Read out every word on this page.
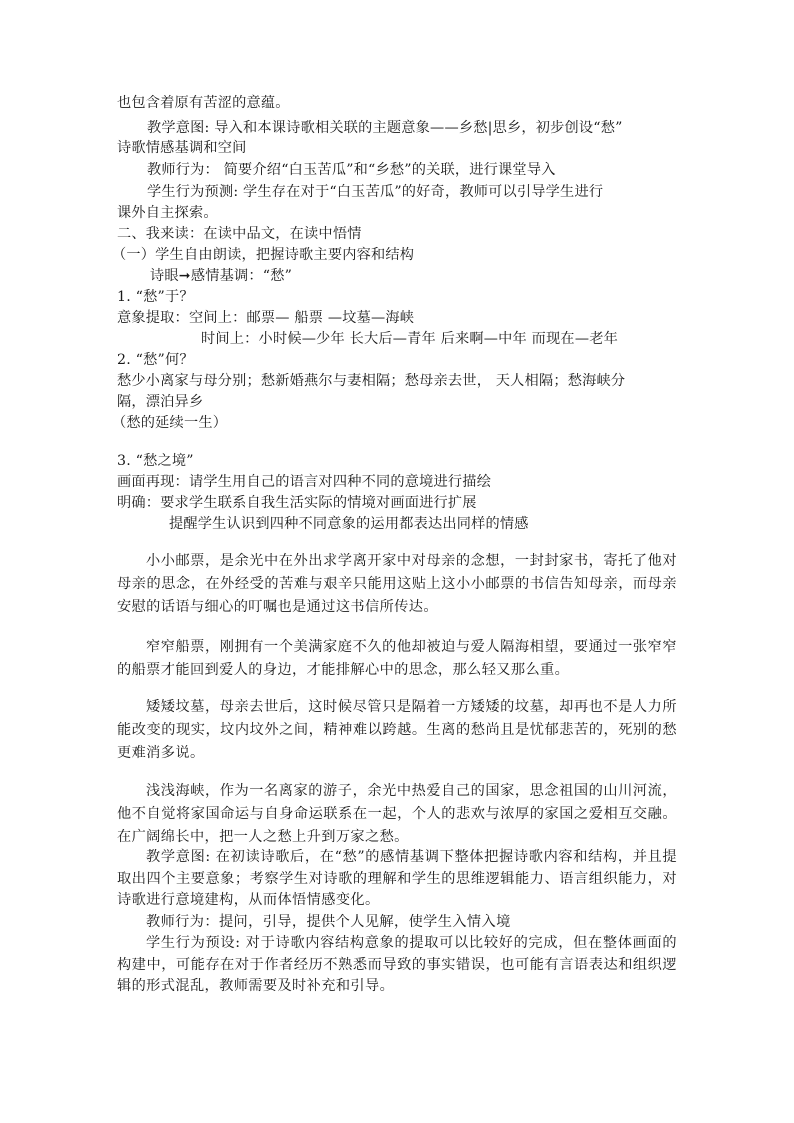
也包含着原有苦涩的意蕴。
教学意图: 导入和本课诗歌相关联的主题意象——乡愁|思乡，初步创设“愁”
诗歌情感基调和空间
教师行为： 简要介绍“白玉苦瓜”和“乡愁”的关联，进行课堂导入
学生行为预测: 学生存在对于“白玉苦瓜”的好奇，教师可以引导学生进行
课外自主探索。
二、我来读：在读中品文，在读中悟情
（一）学生自由朗读，把握诗歌主要内容和结构
诗眼➞感情基调：“愁”
1. “愁”于？
意象提取：空间上：邮票— 船票 —坟墓—海峡
时间上：小时候—少年 长大后—青年 后来啊—中年 而现在—老年
2. “愁”何？
愁少小离家与母分别；愁新婚燕尔与妻相隔；愁母亲去世， 天人相隔；愁海峡分
隔，漂泊异乡
（愁的延续一生）
3. “愁之境”
画面再现：请学生用自己的语言对四种不同的意境进行描绘
明确：要求学生联系自我生活实际的情境对画面进行扩展
提醒学生认识到四种不同意象的运用都表达出同样的情感

小小邮票，是余光中在外出求学离开家中对母亲的念想，一封封家书，寄托了他对母亲的思念，在外经受的苦难与艰辛只能用这贴上这小小邮票的书信告知母亲，而母亲安慰的话语与细心的叮嘱也是通过这书信所传达。

窄窄船票，刚拥有一个美满家庭不久的他却被迫与爱人隔海相望，要通过一张窄窄的船票才能回到爱人的身边，才能排解心中的思念，那么轻又那么重。

矮矮坟墓，母亲去世后，这时候尽管只是隔着一方矮矮的坟墓，却再也不是人力所能改变的现实，坟内坟外之间，精神难以跨越。生离的愁尚且是忧郁悲苦的，死别的愁更难消多说。

浅浅海峡，作为一名离家的游子，余光中热爱自己的国家，思念祖国的山川河流，他不自觉将家国命运与自身命运联系在一起，个人的悲欢与浓厚的家国之爱相互交融。在广阔绵长中，把一人之愁上升到万家之愁。

教学意图: 在初读诗歌后，在“愁”的感情基调下整体把握诗歌内容和结构，并且提取出四个主要意象；考察学生对诗歌的理解和学生的思维逻辑能力、语言组织能力，对诗歌进行意境建构，从而体悟情感变化。

教师行为：提问，引导，提供个人见解，使学生入情入境

学生行为预设: 对于诗歌内容结构意象的提取可以比较好的完成，但在整体画面的构建中，可能存在对于作者经历不熟悉而导致的事实错误，也可能有言语表达和组织逻辑的形式混乱，教师需要及时补充和引导。
